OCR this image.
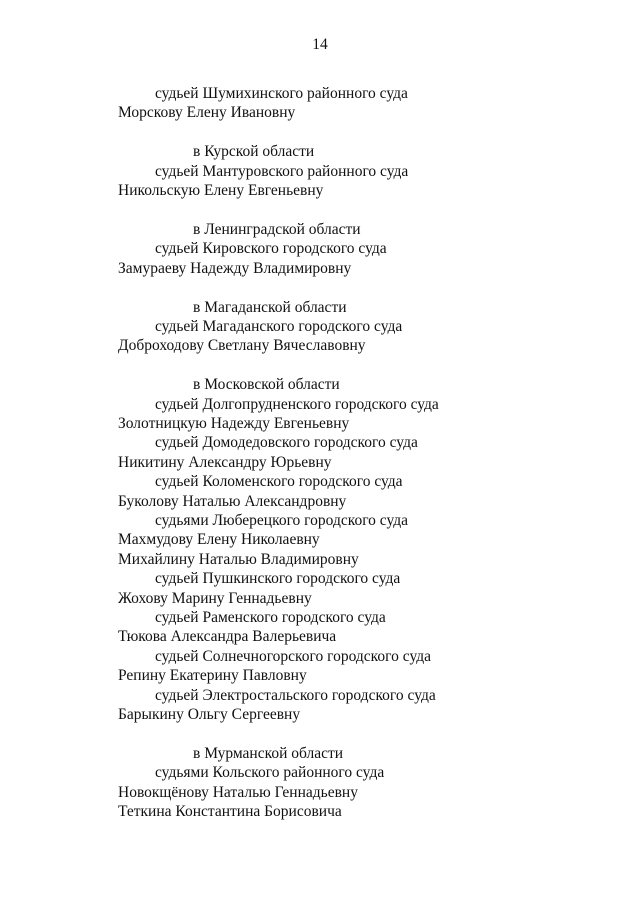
14
судьей Шумихинского районного суда
Морскову Елену Ивановну
в Курской области
судьей Мантуровского районного суда
Никольскую Елену Евгеньевну
в Ленинградской области
судьей Кировского городского суда
Замураеву Надежду Владимировну
в Магаданской области
судьей Магаданского городского суда
Доброходову Светлану Вячеславовну
в Московской области
судьей Долгопрудненского городского суда
Золотницкую Надежду Евгеньевну
судьей Домодедовского городского суда
Никитину Александру Юрьевну
судьей Коломенского городского суда
Буколову Наталью Александровну
судьями Люберецкого городского суда
Махмудову Елену Николаевну
Михайлину Наталью Владимировну
судьей Пушкинского городского суда
Жохову Марину Геннадьевну
судьей Раменского городского суда
Тюкова Александра Валерьевича
судьей Солнечногорского городского суда
Репину Екатерину Павловну
судьей Электростальского городского суда
Барыкину Ольгу Сергеевну
в Мурманской области
судьями Кольского районного суда
Новокщёнову Наталью Геннадьевну
Теткина Константина Борисовича
